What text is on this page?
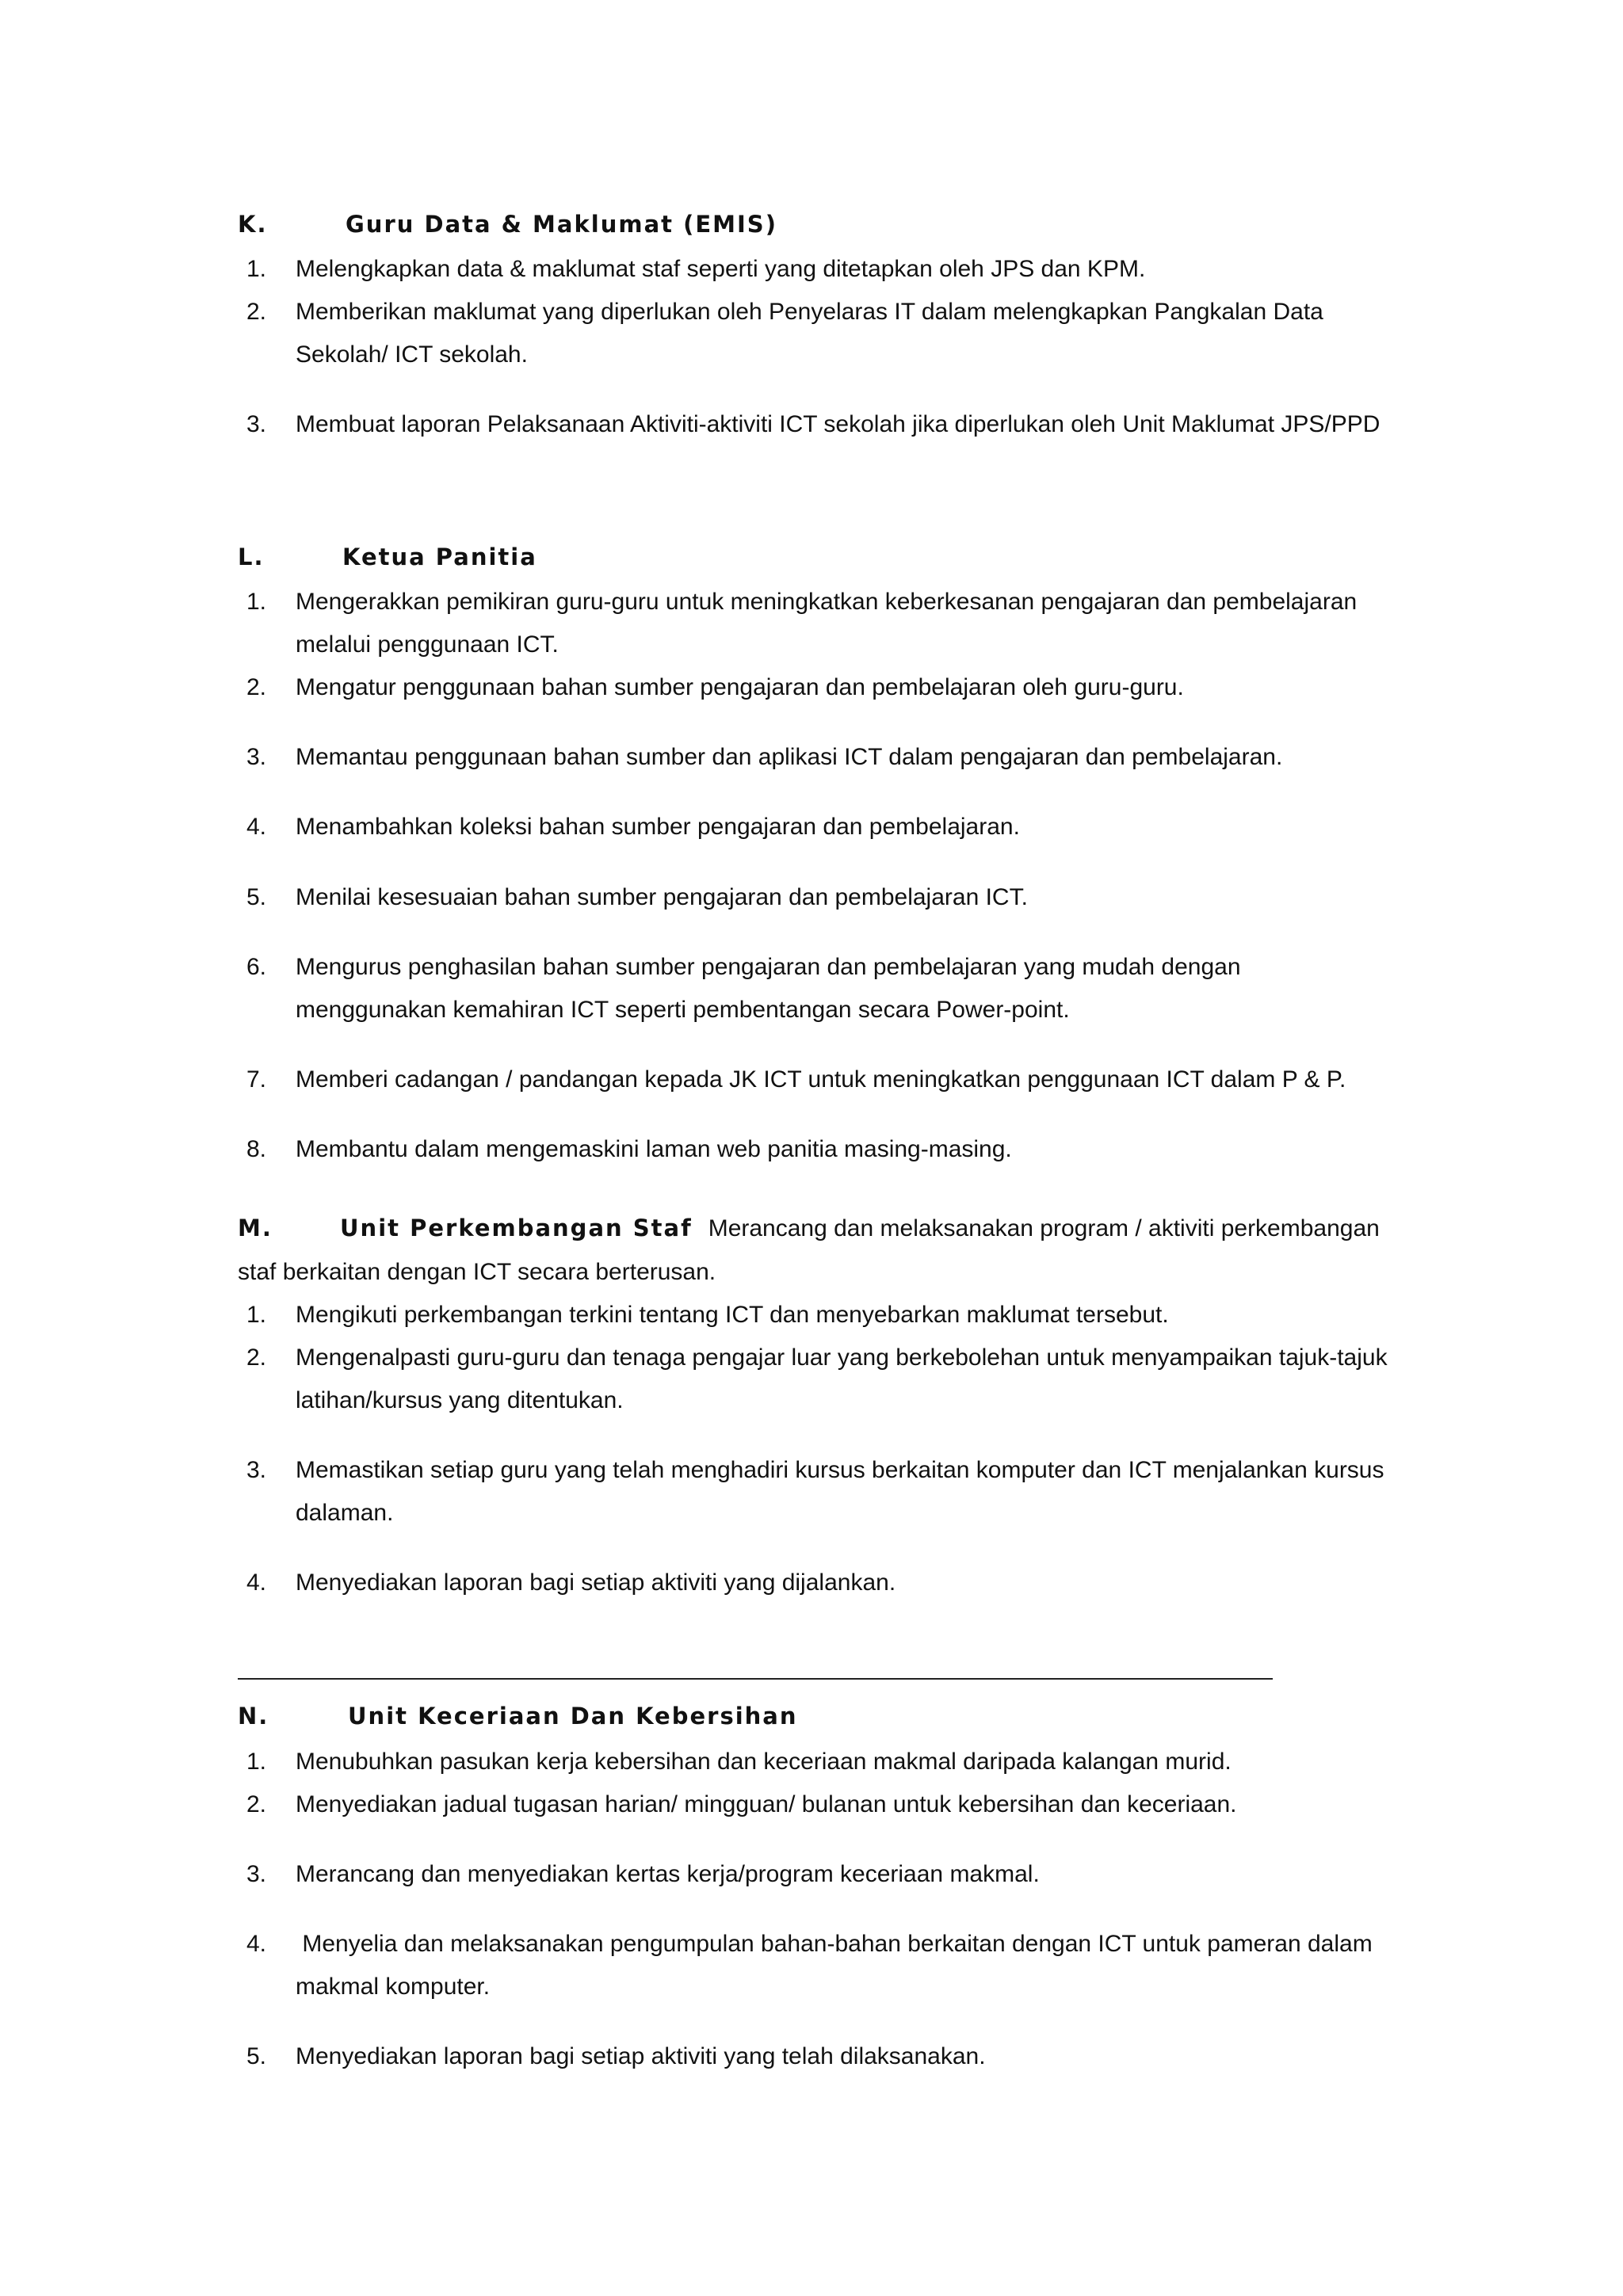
K.	Guru Data & Maklumat (EMIS)
1.	Melengkapkan data & maklumat staf seperti yang ditetapkan oleh JPS dan KPM.
2.	Memberikan maklumat yang diperlukan oleh Penyelaras IT dalam melengkapkan Pangkalan Data
Sekolah/ ICT sekolah.
3.	Membuat laporan Pelaksanaan Aktiviti-aktiviti ICT sekolah jika diperlukan oleh Unit Maklumat JPS/PPD
L.	Ketua Panitia
1.	Mengerakkan pemikiran guru-guru untuk meningkatkan keberkesanan pengajaran dan pembelajaran
melalui penggunaan ICT.
2.	Mengatur penggunaan bahan sumber pengajaran dan pembelajaran oleh guru-guru.
3.	Memantau penggunaan bahan sumber dan aplikasi ICT dalam pengajaran dan pembelajaran.
4.	Menambahkan koleksi bahan sumber pengajaran dan pembelajaran.
5.	Menilai kesesuaian bahan sumber pengajaran dan pembelajaran ICT.
6.	Mengurus penghasilan bahan sumber pengajaran dan pembelajaran yang mudah dengan
menggunakan kemahiran ICT seperti pembentangan secara Power-point.
7.	Memberi cadangan / pandangan kepada JK ICT untuk meningkatkan penggunaan ICT dalam P & P.
8.	Membantu dalam mengemaskini laman web panitia masing-masing.
M.	Unit Perkembangan Staf Merancang dan melaksanakan program / aktiviti perkembangan
staf berkaitan dengan ICT secara berterusan.
1.	Mengikuti perkembangan terkini tentang ICT dan menyebarkan maklumat tersebut.
2.	Mengenalpasti guru-guru dan tenaga pengajar luar yang berkebolehan untuk menyampaikan tajuk-tajuk
latihan/kursus yang ditentukan.
3.	Memastikan setiap guru yang telah menghadiri kursus berkaitan komputer dan ICT menjalankan kursus
dalaman.
4.	Menyediakan laporan bagi setiap aktiviti yang dijalankan.
N.	Unit Keceriaan Dan Kebersihan
1.	Menubuhkan pasukan kerja kebersihan dan keceriaan makmal daripada kalangan murid.
2.	Menyediakan jadual tugasan harian/ mingguan/ bulanan untuk kebersihan dan keceriaan.
3.	Merancang dan menyediakan kertas kerja/program keceriaan makmal.
4.	Menyelia dan melaksanakan pengumpulan bahan-bahan berkaitan dengan ICT untuk pameran dalam
makmal komputer.
5.	Menyediakan laporan bagi setiap aktiviti yang telah dilaksanakan.
